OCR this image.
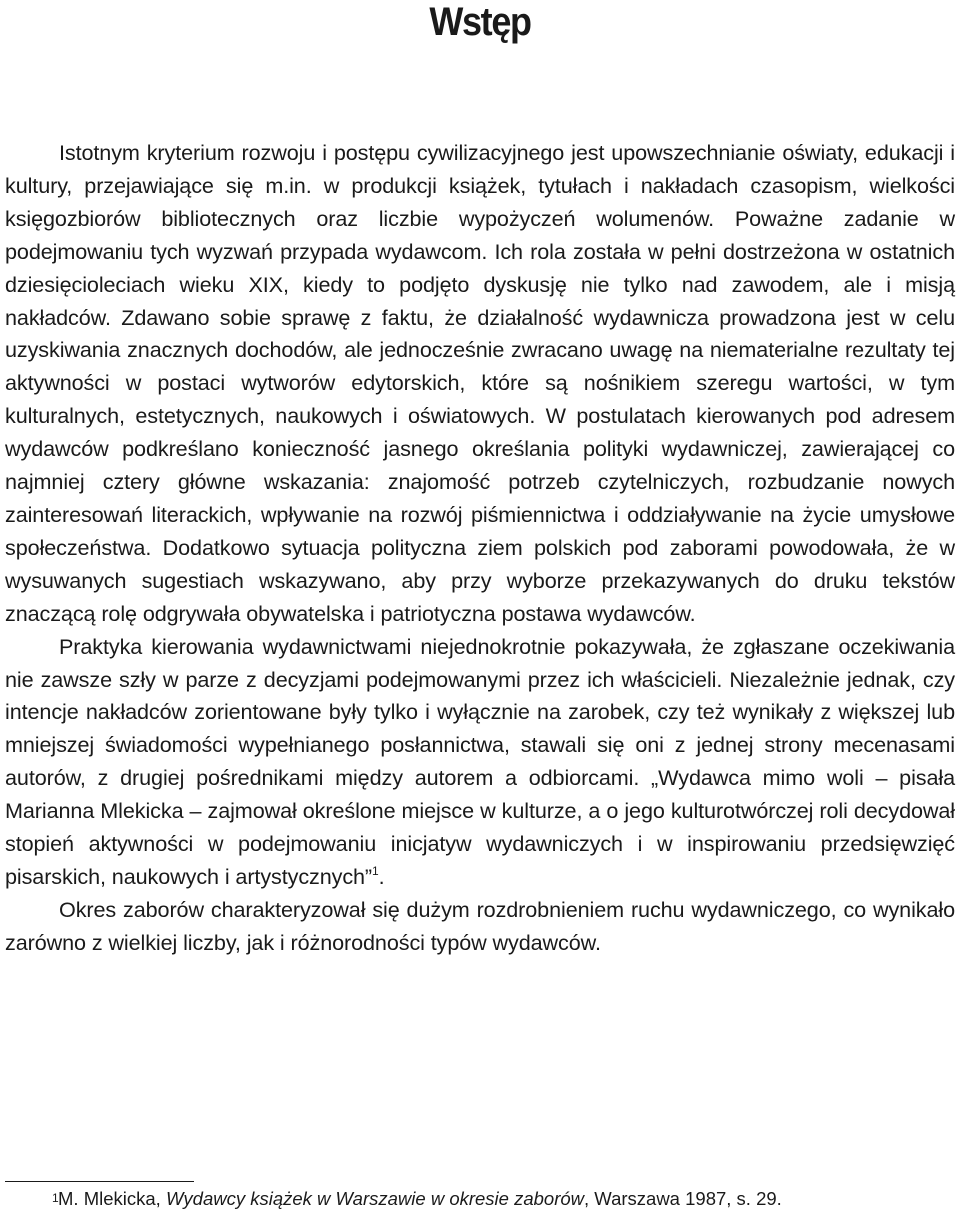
Wstęp

Istotnym kryterium rozwoju i postępu cywilizacyjnego jest upowszechnianie oświaty, edukacji i kultury, przejawiające się m.in. w produkcji książek, tytułach i nakładach czasopism, wielkości księgozbiorów bibliotecznych oraz liczbie wypożyczeń wolumenów. Poważne zadanie w podejmowaniu tych wyzwań przypada wydawcom. Ich rola została w pełni dostrzeżona w ostatnich dziesięcioleciach wieku XIX, kiedy to podjęto dyskusję nie tylko nad zawodem, ale i misją nakładców. Zdawano sobie sprawę z faktu, że działalność wydawnicza prowadzona jest w celu uzyskiwania znacznych dochodów, ale jednocześnie zwracano uwagę na niematerialne rezultaty tej aktywności w postaci wytworów edytorskich, które są nośnikiem szeregu wartości, w tym kulturalnych, estetycznych, naukowych i oświatowych. W postulatach kierowanych pod adresem wydawców podkreślano konieczność jasnego określania polityki wydawniczej, zawierającej co najmniej cztery główne wskazania: znajomość potrzeb czytelniczych, rozbudzanie nowych zainteresowań literackich, wpływanie na rozwój piśmiennictwa i oddziaływanie na życie umysłowe społeczeństwa. Dodatkowo sytuacja polityczna ziem polskich pod zaborami powodowała, że w wysuwanych sugestiach wskazywano, aby przy wyborze przekazywanych do druku tekstów znaczącą rolę odgrywała obywatelska i patriotyczna postawa wydawców.

Praktyka kierowania wydawnictwami niejednokrotnie pokazywała, że zgłaszane oczekiwania nie zawsze szły w parze z decyzjami podejmowanymi przez ich właścicieli. Niezależnie jednak, czy intencje nakładców zorientowane były tylko i wyłącznie na zarobek, czy też wynikały z większej lub mniejszej świadomości wypełnianego posłannictwa, stawali się oni z jednej strony mecenasami autorów, z drugiej pośrednikami między autorem a odbiorcami. „Wydawca mimo woli – pisała Marianna Mlekicka – zajmował określone miejsce w kulturze, a o jego kulturotwórczej roli decydował stopień aktywności w podejmowaniu inicjatyw wydawniczych i w inspirowaniu przedsięwzięć pisarskich, naukowych i artystycznych”$^1$.

Okres zaborów charakteryzował się dużym rozdrobnieniem ruchu wydawniczego, co wynikało zarówno z wielkiej liczby, jak i różnorodności typów wydawców.

1 M. Mlekicka, Wydawcy książek w Warszawie w okresie zaborów, Warszawa 1987, s. 29.
